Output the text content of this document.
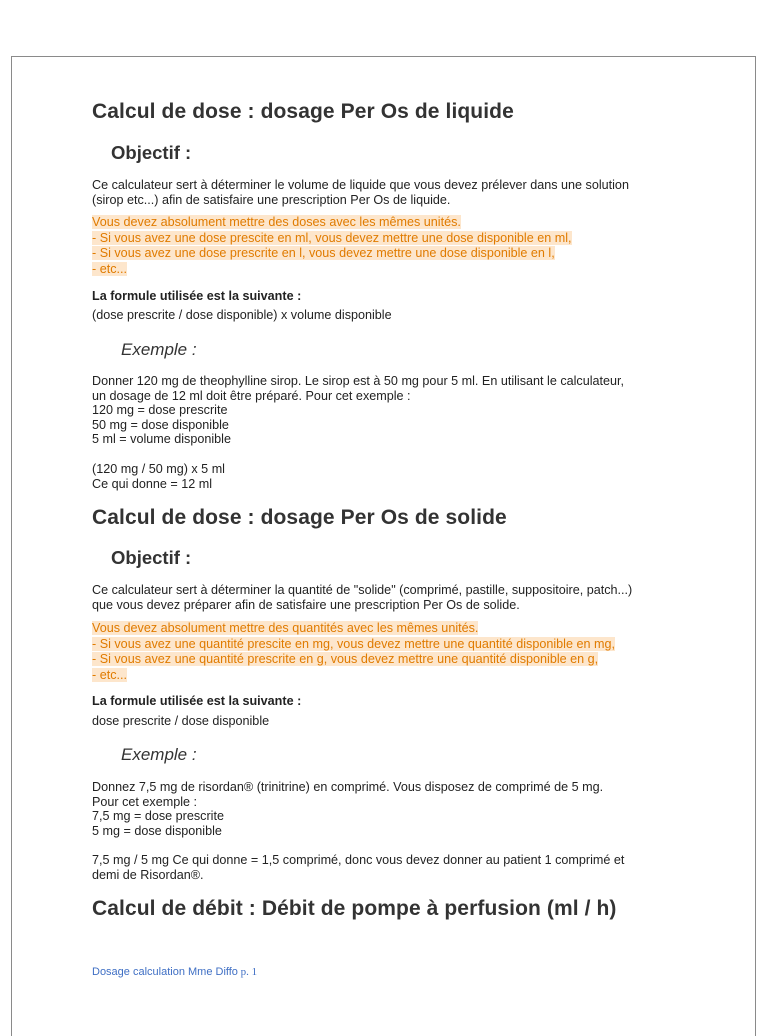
Calcul de dose : dosage Per Os de liquide
Objectif :
Ce calculateur sert à déterminer le volume de liquide que vous devez prélever dans une solution
(sirop etc...) afin de satisfaire une prescription Per Os de liquide.
Vous devez absolument mettre des doses avec les mêmes unités.
- Si vous avez une dose prescite en ml, vous devez mettre une dose disponible en ml,
- Si vous avez une dose prescrite en l, vous devez mettre une dose disponible en l,
- etc...
La formule utilisée est la suivante :
(dose prescrite / dose disponible) x volume disponible
Exemple :
Donner 120 mg de theophylline sirop. Le sirop est à 50 mg pour 5 ml. En utilisant le calculateur,
un dosage de 12 ml doit être préparé. Pour cet exemple :
120 mg = dose prescrite
50 mg = dose disponible
5 ml = volume disponible
(120 mg / 50 mg) x 5 ml
Ce qui donne = 12 ml
Calcul de dose : dosage Per Os de solide
Objectif :
Ce calculateur sert à déterminer la quantité de "solide" (comprimé, pastille, suppositoire, patch...)
que vous devez préparer afin de satisfaire une prescription Per Os de solide.
Vous devez absolument mettre des quantités avec les mêmes unités.
- Si vous avez une quantité prescite en mg, vous devez mettre une quantité disponible en mg,
- Si vous avez une quantité prescrite en g, vous devez mettre une quantité disponible en g,
- etc...
La formule utilisée est la suivante :
dose prescrite / dose disponible
Exemple :
Donnez 7,5 mg de risordan® (trinitrine) en comprimé. Vous disposez de comprimé de 5 mg.
Pour cet exemple :
7,5 mg = dose prescrite
5 mg = dose disponible
7,5 mg / 5 mg Ce qui donne = 1,5 comprimé, donc vous devez donner au patient 1 comprimé et
demi de Risordan®.
Calcul de débit : Débit de pompe à perfusion (ml / h)
Dosage calculation Mme Diffo p. 1
